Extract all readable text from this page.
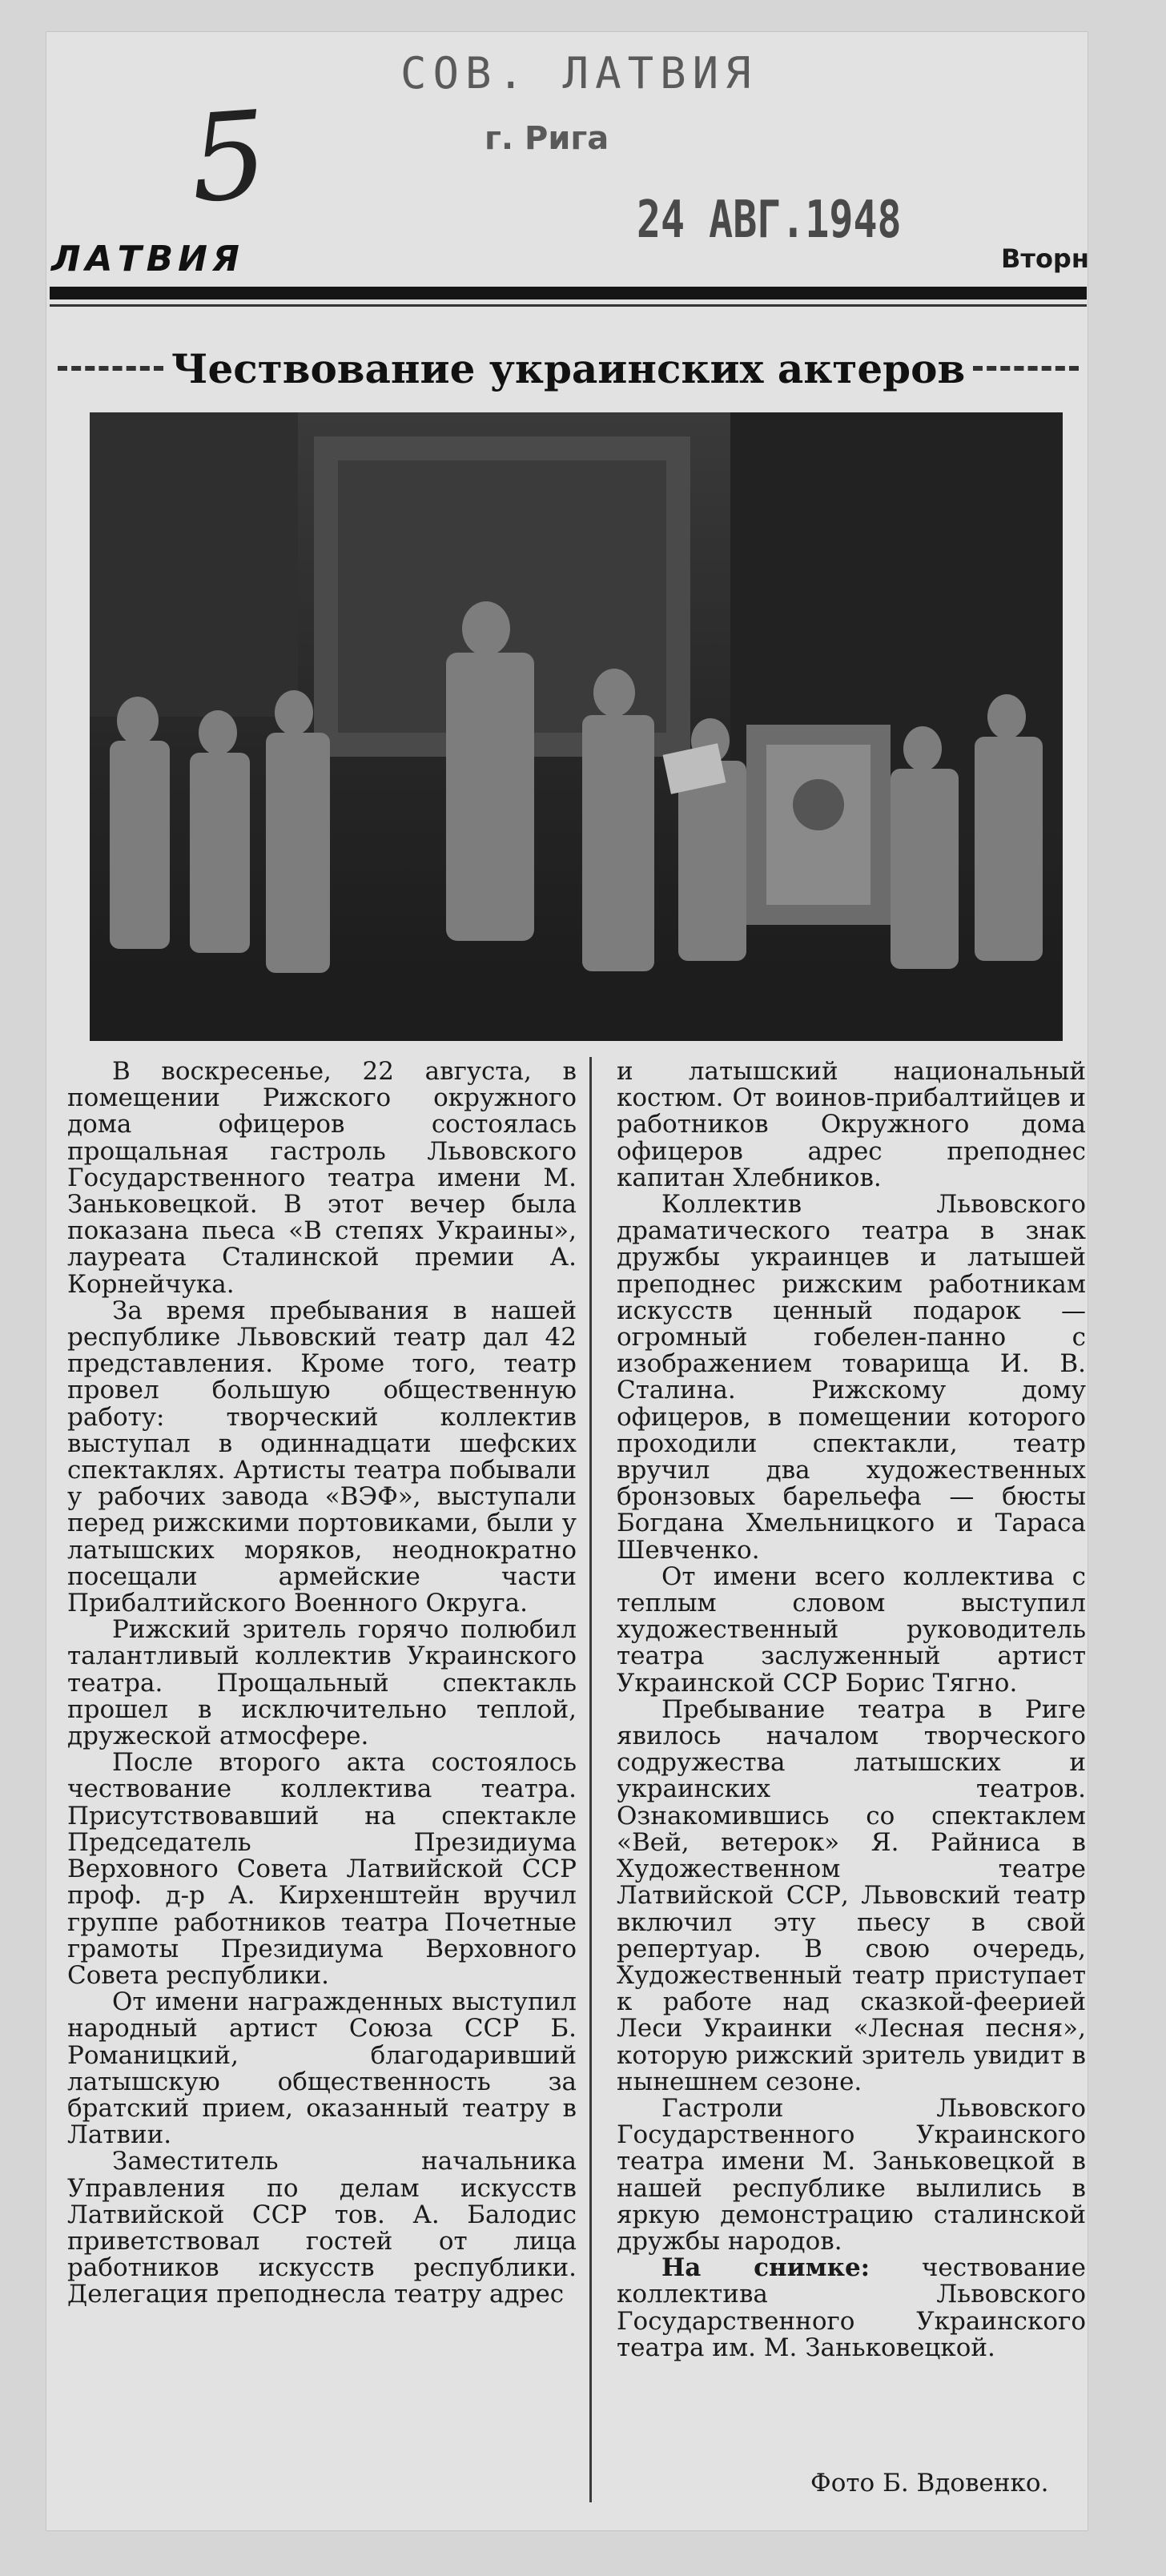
5
СОВ. ЛАТВИЯ
г. Рига
24 АВГ.1948
ЛАТВИЯ	Вторн
Чествование украинских актеров

В воскресенье, 22 августа, в помещении Рижского окружного дома офицеров состоялась прощальная гастроль Львовского Государственного театра имени М. Заньковецкой. В этот вечер была показана пьеса «В степях Украины», лауреата Сталинской премии А. Корнейчука.

За время пребывания в нашей республике Львовский театр дал 42 представления. Кроме того, театр провел большую общественную работу: творческий коллектив выступал в одиннадцати шефских спектаклях. Артисты театра побывали у рабочих завода «ВЭФ», выступали перед рижскими портовиками, были у латышских моряков, неоднократно посещали армейские части Прибалтийского Военного Округа.

Рижский зритель горячо полюбил талантливый коллектив Украинского театра. Прощальный спектакль прошел в исключительно теплой, дружеской атмосфере.

После второго акта состоялось чествование коллектива театра. Присутствовавший на спектакле Председатель Президиума Верховного Совета Латвийской ССР проф. д-р А. Кирхенштейн вручил группе работников театра Почетные грамоты Президиума Верховного Совета республики.

От имени награжденных выступил народный артист Союза ССР Б. Романицкий, благодаривший латышскую общественность за братский прием, оказанный театру в Латвии.

Заместитель начальника Управления по делам искусств Латвийской ССР тов. А. Балодис приветствовал гостей от лица работников искусств республики. Делегация преподнесла театру адрес

и латышский национальный костюм. От воинов-прибалтийцев и работников Окружного дома офицеров адрес преподнес капитан Хлебников.

Коллектив Львовского драматического театра в знак дружбы украинцев и латышей преподнес рижским работникам искусств ценный подарок — огромный гобелен-панно с изображением товарища И. В. Сталина. Рижскому дому офицеров, в помещении которого проходили спектакли, театр вручил два художественных бронзовых барельефа — бюсты Богдана Хмельницкого и Тараса Шевченко.

От имени всего коллектива с теплым словом выступил художественный руководитель театра заслуженный артист Украинской ССР Борис Тягно.

Пребывание театра в Риге явилось началом творческого содружества латышских и украинских театров. Ознакомившись со спектаклем «Вей, ветерок» Я. Райниса в Художественном театре Латвийской ССР, Львовский театр включил эту пьесу в свой репертуар. В свою очередь, Художественный театр приступает к работе над сказкой-феерией Леси Украинки «Лесная песня», которую рижский зритель увидит в нынешнем сезоне.

Гастроли Львовского Государственного Украинского театра имени М. Заньковецкой в нашей республике вылились в яркую демонстрацию сталинской дружбы народов.

На снимке: чествование коллектива Львовского Государственного Украинского театра им. М. Заньковецкой.

Фото Б. Вдовенко.
